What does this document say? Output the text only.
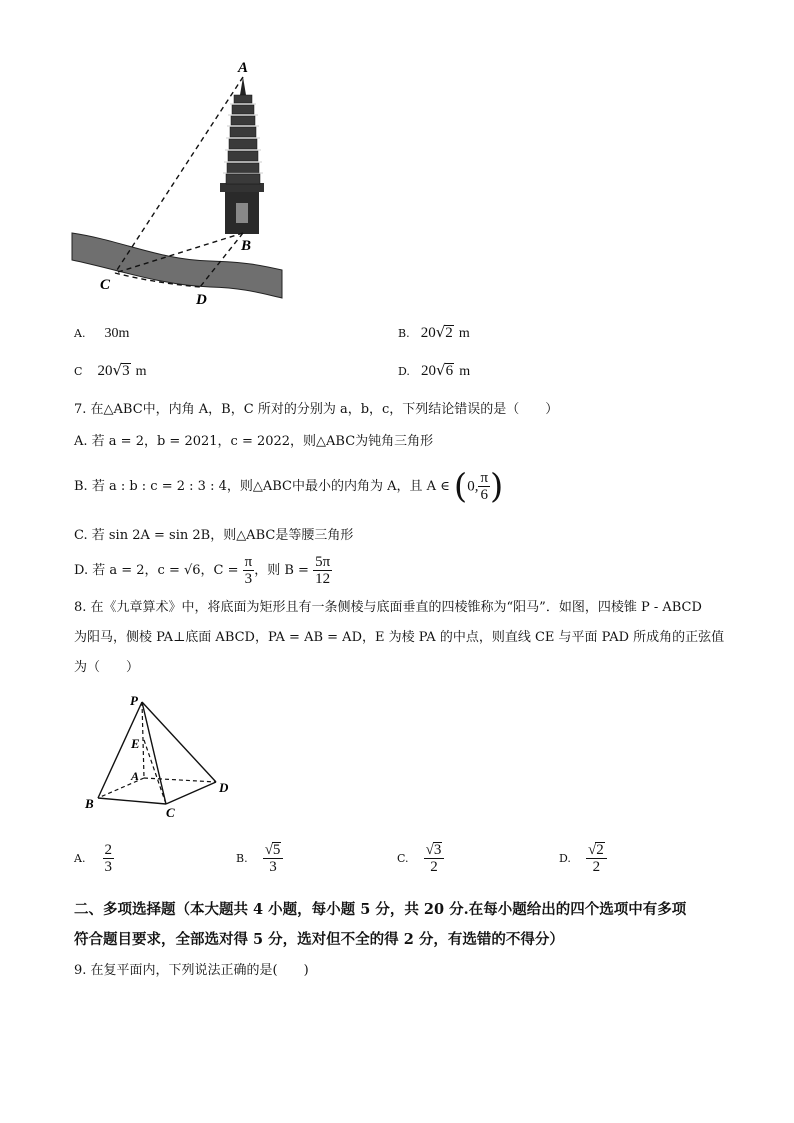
A
B
C
D
A. 30m	B. 20√2 m
C 20√3 m	D. 20√6 m
7. 在△ABC中，内角 A，B，C 所对的分别为 a，b，c，下列结论错误的是（　　）
A. 若 a = 2，b = 2021，c = 2022，则△ABC为钝角三角形
B. 若 a : b : c = 2 : 3 : 4，则△ABC中最小的内角为 A，且 A ∈ (0, $\frac{\pi}{6}$ )
C. 若 sin 2A = sin 2B，则△ABC是等腰三角形
D. 若 a = 2，c = √6，$C = \frac{\pi}{3}$ ，则 $B = \frac{5\pi}{12}$
8. 在《九章算术》中，将底面为矩形且有一条侧棱与底面垂直的四棱锥称为“阳马”．如图，四棱锥 P - ABCD
为阳马，侧棱 PA⊥底面 ABCD，PA = AB = AD，E 为棱 PA 的中点，则直线 CE 与平面 PAD 所成角的正弦值
为（　　）
P
E
A
B
C
D
A. $\frac{2}{3}$	B. $\frac{√5}{3}$	C. $\frac{√3}{2}$	D. $\frac{√2}{2}$
二、多项选择题（本大题共 4 小题，每小题 5 分，共 20 分.在每小题给出的四个选项中有多项
符合题目要求，全部选对得 5 分，选对但不全的得 2 分，有选错的不得分）
9. 在复平面内，下列说法正确的是(　　)
